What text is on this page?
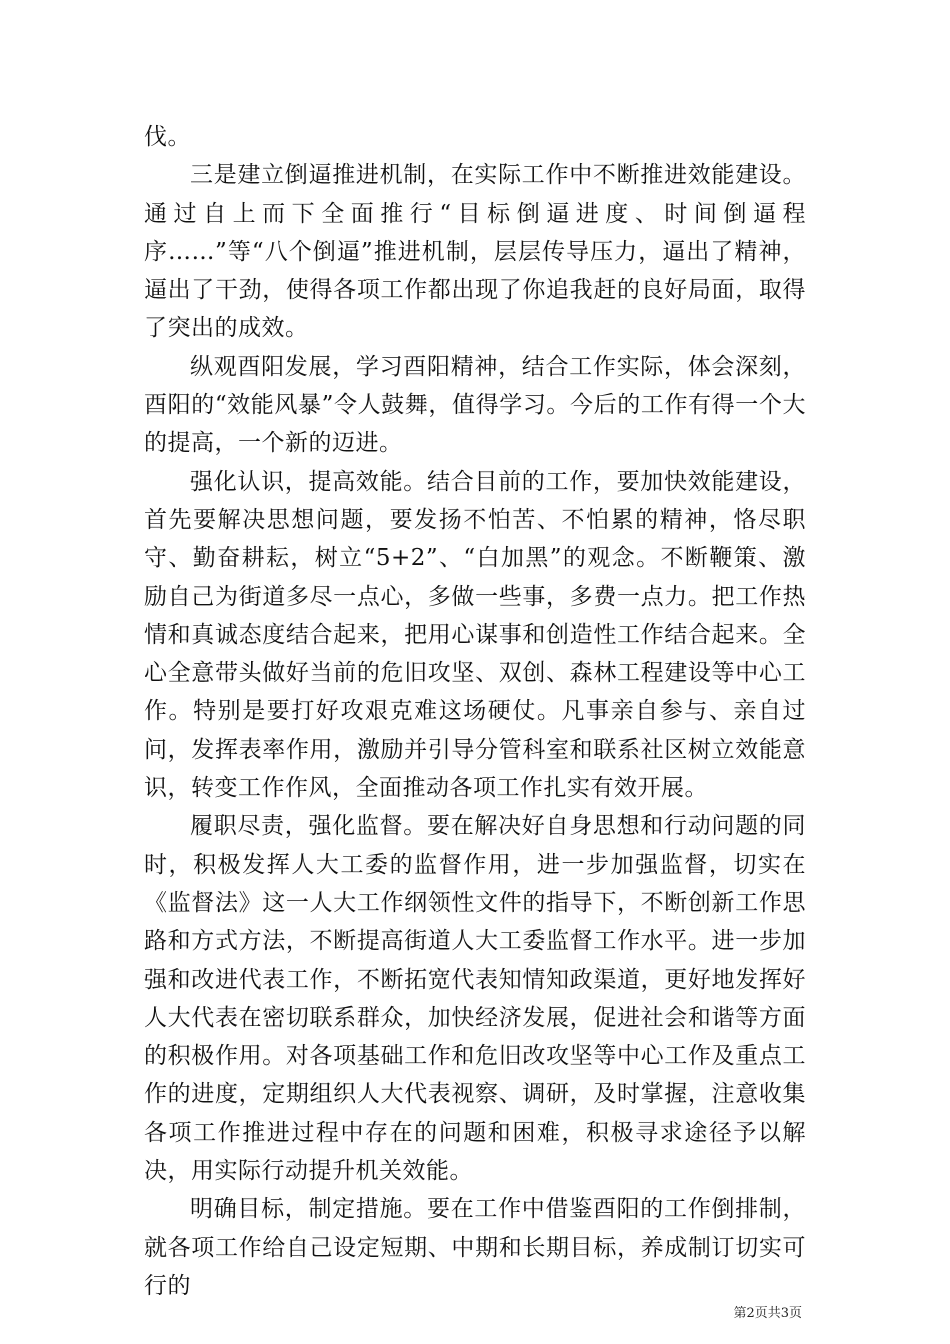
伐。

三是建立倒逼推进机制，在实际工作中不断推进效能建设。通过自上而下全面推行“目标倒逼进度、时间倒逼程序……”等“八个倒逼”推进机制，层层传导压力，逼出了精神，逼出了干劲，使得各项工作都出现了你追我赶的良好局面，取得了突出的成效。

纵观酉阳发展，学习酉阳精神，结合工作实际，体会深刻，酉阳的“效能风暴”令人鼓舞，值得学习。今后的工作有得一个大的提高，一个新的迈进。

强化认识，提高效能。结合目前的工作，要加快效能建设，首先要解决思想问题，要发扬不怕苦、不怕累的精神，恪尽职守、勤奋耕耘，树立“5+2”、“白加黑”的观念。不断鞭策、激励自己为街道多尽一点心，多做一些事，多费一点力。把工作热情和真诚态度结合起来，把用心谋事和创造性工作结合起来。全心全意带头做好当前的危旧攻坚、双创、森林工程建设等中心工作。特别是要打好攻艰克难这场硬仗。凡事亲自参与、亲自过问，发挥表率作用，激励并引导分管科室和联系社区树立效能意识，转变工作作风，全面推动各项工作扎实有效开展。

履职尽责，强化监督。要在解决好自身思想和行动问题的同时，积极发挥人大工委的监督作用，进一步加强监督，切实在《监督法》这一人大工作纲领性文件的指导下，不断创新工作思路和方式方法，不断提高街道人大工委监督工作水平。进一步加强和改进代表工作，不断拓宽代表知情知政渠道，更好地发挥好人大代表在密切联系群众，加快经济发展，促进社会和谐等方面的积极作用。对各项基础工作和危旧改攻坚等中心工作及重点工作的进度，定期组织人大代表视察、调研，及时掌握，注意收集各项工作推进过程中存在的问题和困难，积极寻求途径予以解决，用实际行动提升机关效能。

明确目标，制定措施。要在工作中借鉴酉阳的工作倒排制，就各项工作给自己设定短期、中期和长期目标，养成制订切实可行的

第2页共3页
